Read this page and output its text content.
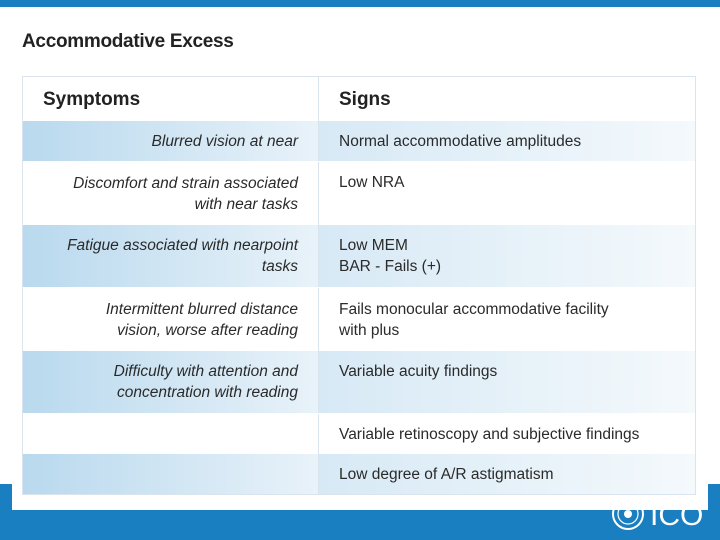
Accommodative Excess
Symptoms	Signs
Blurred vision at near	Normal accommodative amplitudes
Discomfort and strain associated
with near tasks
Low NRA
Fatigue associated with nearpoint
tasks
Low MEM
BAR - Fails (+)
Intermittent blurred distance
vision, worse after reading
Fails monocular accommodative facility
with plus
Difficulty with attention and
concentration with reading
Variable acuity findings
Variable retinoscopy and subjective findings
Low degree of A/R astigmatism
ICO
